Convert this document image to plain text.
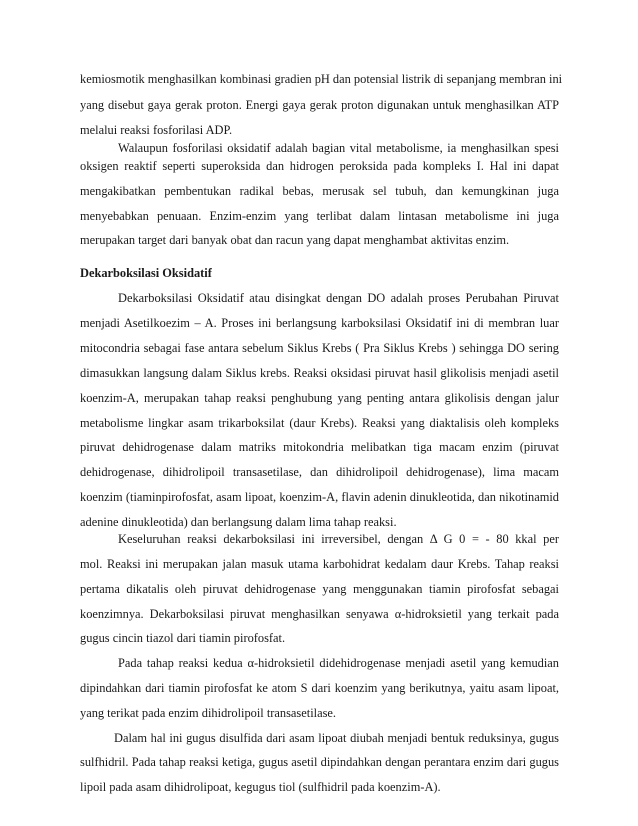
kemiosmotik menghasilkan kombinasi gradien pH dan potensial listrik di sepanjang membran ini
yang disebut gaya gerak proton. Energi gaya gerak proton digunakan untuk menghasilkan ATP
melalui reaksi fosforilasi ADP.
Walaupun fosforilasi oksidatif adalah bagian vital metabolisme, ia menghasilkan spesi
oksigen reaktif seperti superoksida dan hidrogen peroksida pada kompleks I. Hal ini dapat
mengakibatkan pembentukan radikal bebas, merusak sel tubuh, dan kemungkinan juga
menyebabkan penuaan. Enzim-enzim yang terlibat dalam lintasan metabolisme ini juga
merupakan target dari banyak obat dan racun yang dapat menghambat aktivitas enzim.
Dekarboksilasi Oksidatif
Dekarboksilasi Oksidatif atau disingkat dengan DO adalah proses Perubahan Piruvat
menjadi Asetilkoezim – A. Proses ini berlangsung karboksilasi Oksidatif ini di membran luar
mitocondria sebagai fase antara sebelum Siklus Krebs ( Pra Siklus Krebs ) sehingga DO sering
dimasukkan langsung dalam Siklus krebs. Reaksi oksidasi piruvat hasil glikolisis menjadi asetil
koenzim-A, merupakan tahap reaksi penghubung yang penting antara glikolisis dengan jalur
metabolisme lingkar asam trikarboksilat (daur Krebs). Reaksi yang diaktalisis oleh kompleks
piruvat dehidrogenase dalam matriks mitokondria melibatkan tiga macam enzim (piruvat
dehidrogenase, dihidrolipoil transasetilase, dan dihidrolipoil dehidrogenase), lima macam
koenzim (tiaminpirofosfat, asam lipoat, koenzim-A, flavin adenin dinukleotida, dan nikotinamid
adenine dinukleotida) dan berlangsung dalam lima tahap reaksi.
Keseluruhan reaksi dekarboksilasi ini irreversibel, dengan Δ G 0 = - 80 kkal per
mol. Reaksi ini merupakan jalan masuk utama karbohidrat kedalam daur Krebs. Tahap reaksi
pertama dikatalis oleh piruvat dehidrogenase yang menggunakan tiamin pirofosfat sebagai
koenzimnya. Dekarboksilasi piruvat menghasilkan senyawa α-hidroksietil yang terkait pada
gugus cincin tiazol dari tiamin pirofosfat.
Pada tahap reaksi kedua α-hidroksietil didehidrogenase menjadi asetil yang kemudian
dipindahkan dari tiamin pirofosfat ke atom S dari koenzim yang berikutnya, yaitu asam lipoat,
yang terikat pada enzim dihidrolipoil transasetilase.
Dalam hal ini gugus disulfida dari asam lipoat diubah menjadi bentuk reduksinya, gugus
sulfhidril. Pada tahap reaksi ketiga, gugus asetil dipindahkan dengan perantara enzim dari gugus
lipoil pada asam dihidrolipoat, kegugus tiol (sulfhidril pada koenzim-A).
